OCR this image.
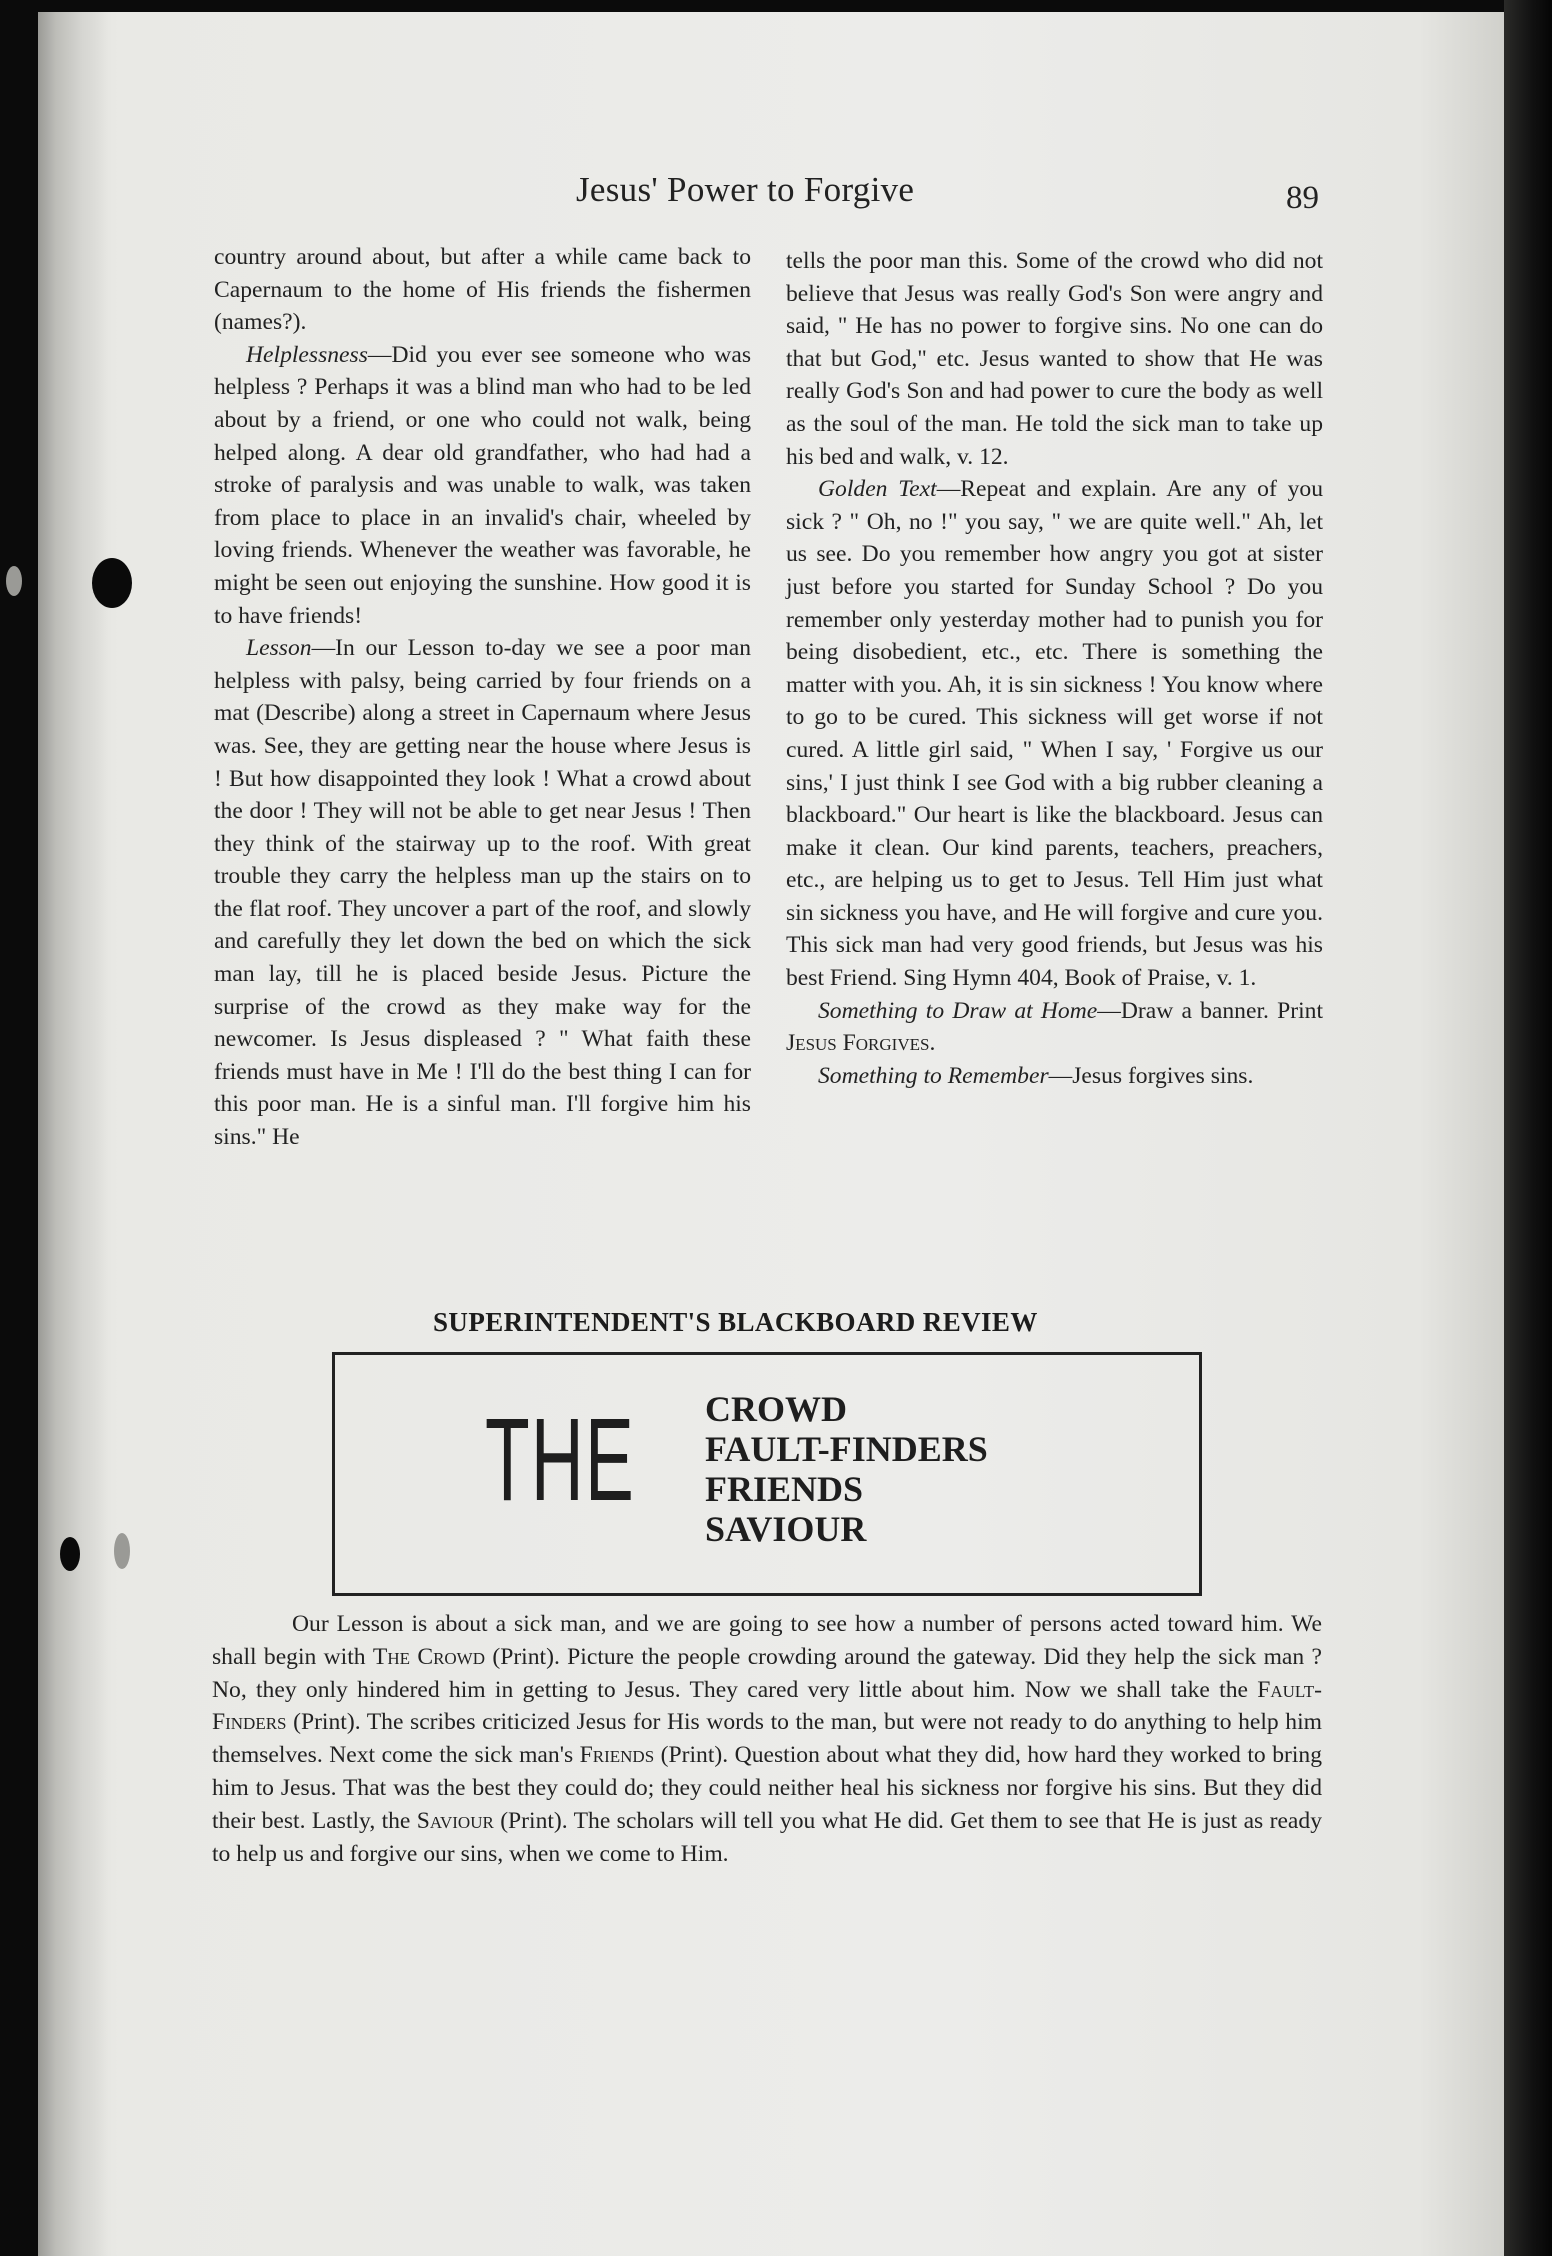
Jesus' Power to Forgive	89

country around about, but after a while came back to Capernaum to the home of His friends the fishermen (names?).

Helplessness—Did you ever see someone who was helpless ? Perhaps it was a blind man who had to be led about by a friend, or one who could not walk, being helped along. A dear old grandfather, who had had a stroke of paralysis and was unable to walk, was taken from place to place in an invalid's chair, wheeled by loving friends. Whenever the weather was favorable, he might be seen out enjoying the sunshine. How good it is to have friends!

Lesson—In our Lesson to-day we see a poor man helpless with palsy, being carried by four friends on a mat (Describe) along a street in Capernaum where Jesus was. See, they are getting near the house where Jesus is ! But how disappointed they look ! What a crowd about the door ! They will not be able to get near Jesus ! Then they think of the stairway up to the roof. With great trouble they carry the helpless man up the stairs on to the flat roof. They uncover a part of the roof, and slowly and carefully they let down the bed on which the sick man lay, till he is placed beside Jesus. Picture the surprise of the crowd as they make way for the newcomer. Is Jesus displeased ? " What faith these friends must have in Me ! I'll do the best thing I can for this poor man. He is a sinful man. I'll forgive him his sins." He

tells the poor man this. Some of the crowd who did not believe that Jesus was really God's Son were angry and said, " He has no power to forgive sins. No one can do that but God," etc. Jesus wanted to show that He was really God's Son and had power to cure the body as well as the soul of the man. He told the sick man to take up his bed and walk, v. 12.

Golden Text—Repeat and explain. Are any of you sick ? " Oh, no !" you say, " we are quite well." Ah, let us see. Do you remember how angry you got at sister just before you started for Sunday School ? Do you remember only yesterday mother had to punish you for being disobedient, etc., etc. There is something the matter with you. Ah, it is sin sickness ! You know where to go to be cured. This sickness will get worse if not cured. A little girl said, " When I say, ' Forgive us our sins,' I just think I see God with a big rubber cleaning a blackboard." Our heart is like the blackboard. Jesus can make it clean. Our kind parents, teachers, preachers, etc., are helping us to get to Jesus. Tell Him just what sin sickness you have, and He will forgive and cure you. This sick man had very good friends, but Jesus was his best Friend. Sing Hymn 404, Book of Praise, v. 1.

Something to Draw at Home—Draw a banner. Print Jesus Forgives.

Something to Remember—Jesus forgives sins.

SUPERINTENDENT'S BLACKBOARD REVIEW
THE CROWD
FAULT-FINDERS
FRIENDS
SAVIOUR

Our Lesson is about a sick man, and we are going to see how a number of persons acted toward him. We shall begin with The Crowd (Print). Picture the people crowding around the gateway. Did they help the sick man ? No, they only hindered him in getting to Jesus. They cared very little about him. Now we shall take the Fault-Finders (Print). The scribes criticized Jesus for His words to the man, but were not ready to do anything to help him themselves. Next come the sick man's Friends (Print). Question about what they did, how hard they worked to bring him to Jesus. That was the best they could do; they could neither heal his sickness nor forgive his sins. But they did their best. Lastly, the Saviour (Print). The scholars will tell you what He did. Get them to see that He is just as ready to help us and forgive our sins, when we come to Him.
